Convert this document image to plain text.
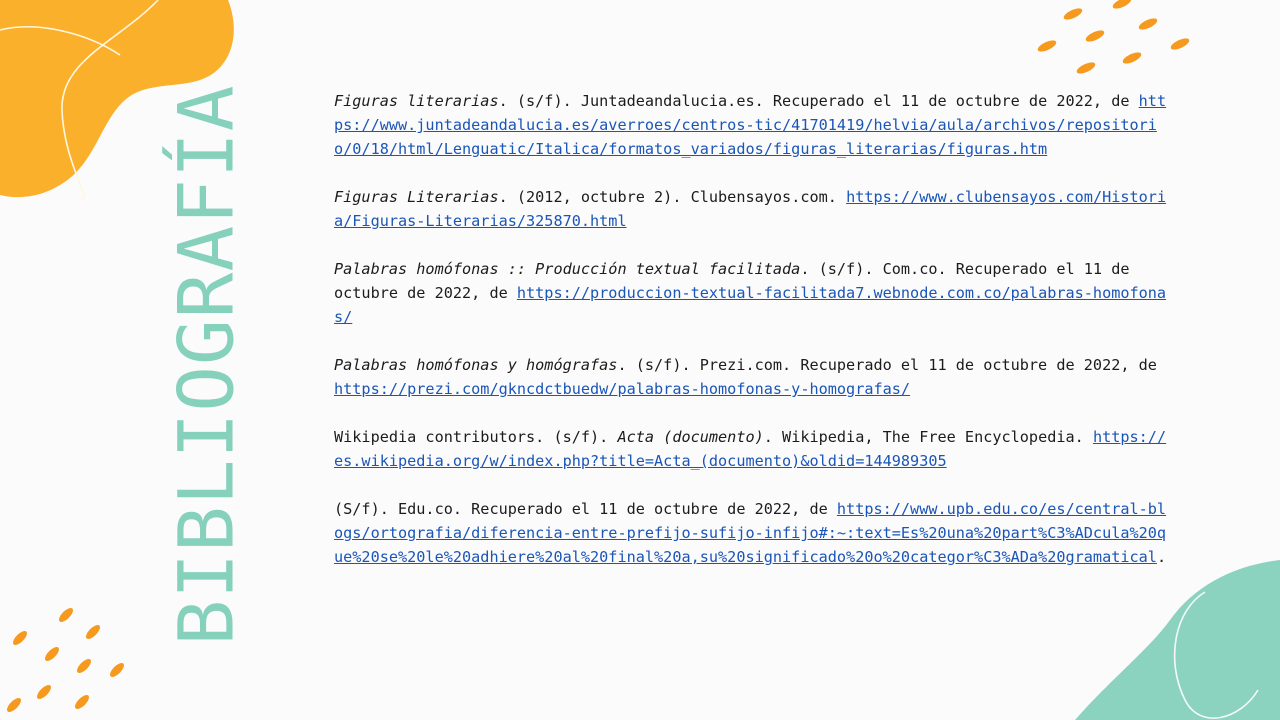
BIBLIOGRAFÍA	Figuras literarias. (s/f). Juntadeandalucia.es. Recuperado el 11 de octubre de 2022, de https://www.juntadeandalucia.es/averroes/centros-tic/41701419/helvia/aula/archivos/repositorio/0/18/html/Lenguatic/Italica/formatos_variados/figuras_literarias/figuras.htm

Figuras Literarias. (2012, octubre 2). Clubensayos.com. https://www.clubensayos.com/Historia/Figuras-Literarias/325870.html

Palabras homófonas :: Producción textual facilitada. (s/f). Com.co. Recuperado el 11 de octubre de 2022, de https://produccion-textual-facilitada7.webnode.com.co/palabras-homofonas/

Palabras homófonas y homógrafas. (s/f). Prezi.com. Recuperado el 11 de octubre de 2022, de https://prezi.com/gkncdctbuedw/palabras-homofonas-y-homografas/

Wikipedia contributors. (s/f). Acta (documento). Wikipedia, The Free Encyclopedia. https://es.wikipedia.org/w/index.php?title=Acta_(documento)&oldid=144989305

(S/f). Edu.co. Recuperado el 11 de octubre de 2022, de https://www.upb.edu.co/es/central-blogs/ortografia/diferencia-entre-prefijo-sufijo-infijo#:~:text=Es%20una%20part%C3%ADcula%20que%20se%20le%20adhiere%20al%20final%20a,su%20significado%20o%20categor%C3%ADa%20gramatical.
